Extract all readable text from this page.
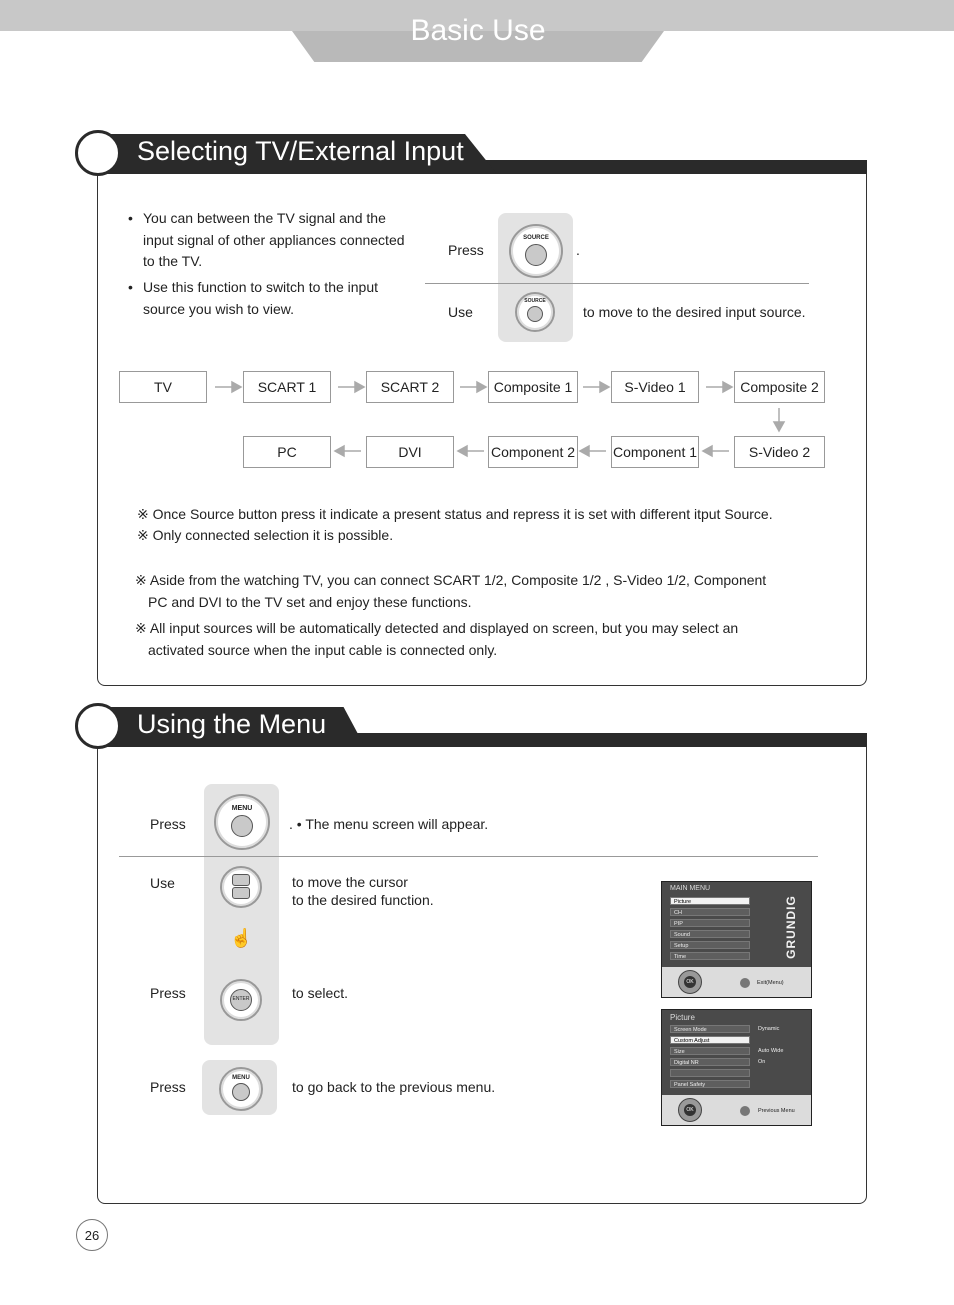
Basic Use
Selecting TV/External Input
• You can between the TV signal and the
input signal of other appliances connected
to the TV.
• Use this function to switch to the input
source you wish to view.
Press
SOURCE
.
Use
SOURCE
to move to the desired input source.
TV	SCART 1	SCART 2	Composite 1	S-Video 1	Composite 2
PC	DVI	Component 2	Component 1	S-Video 2
※ Once Source button press it indicate a present status and repress it is set with different itput Source.
※ Only connected selection it is possible.
※ Aside from the watching TV, you can connect SCART 1/2, Composite 1/2 , S-Video 1/2, Component
PC and DVI to the TV set and enjoy these functions.
※ All input sources will be automatically detected and displayed on screen, but you may select an
activated source when the input cable is connected only.
Using the Menu
Press
MENU
. • The menu screen will appear.
Use
☝
to move the cursor
to the desired function.
Press	ENTER	to select.
Press
MENU
to go back to the previous menu.
MAIN MENU
Picture
CH
PIP
Sound
Setup
Time	GRUNDIG
OK	Exit(Menu)
Picture
Screen Mode
Custom Adjust
Size
Digital NR
Panel Safety
Dynamic
Auto Wide
On
OK	Previous Menu
26
